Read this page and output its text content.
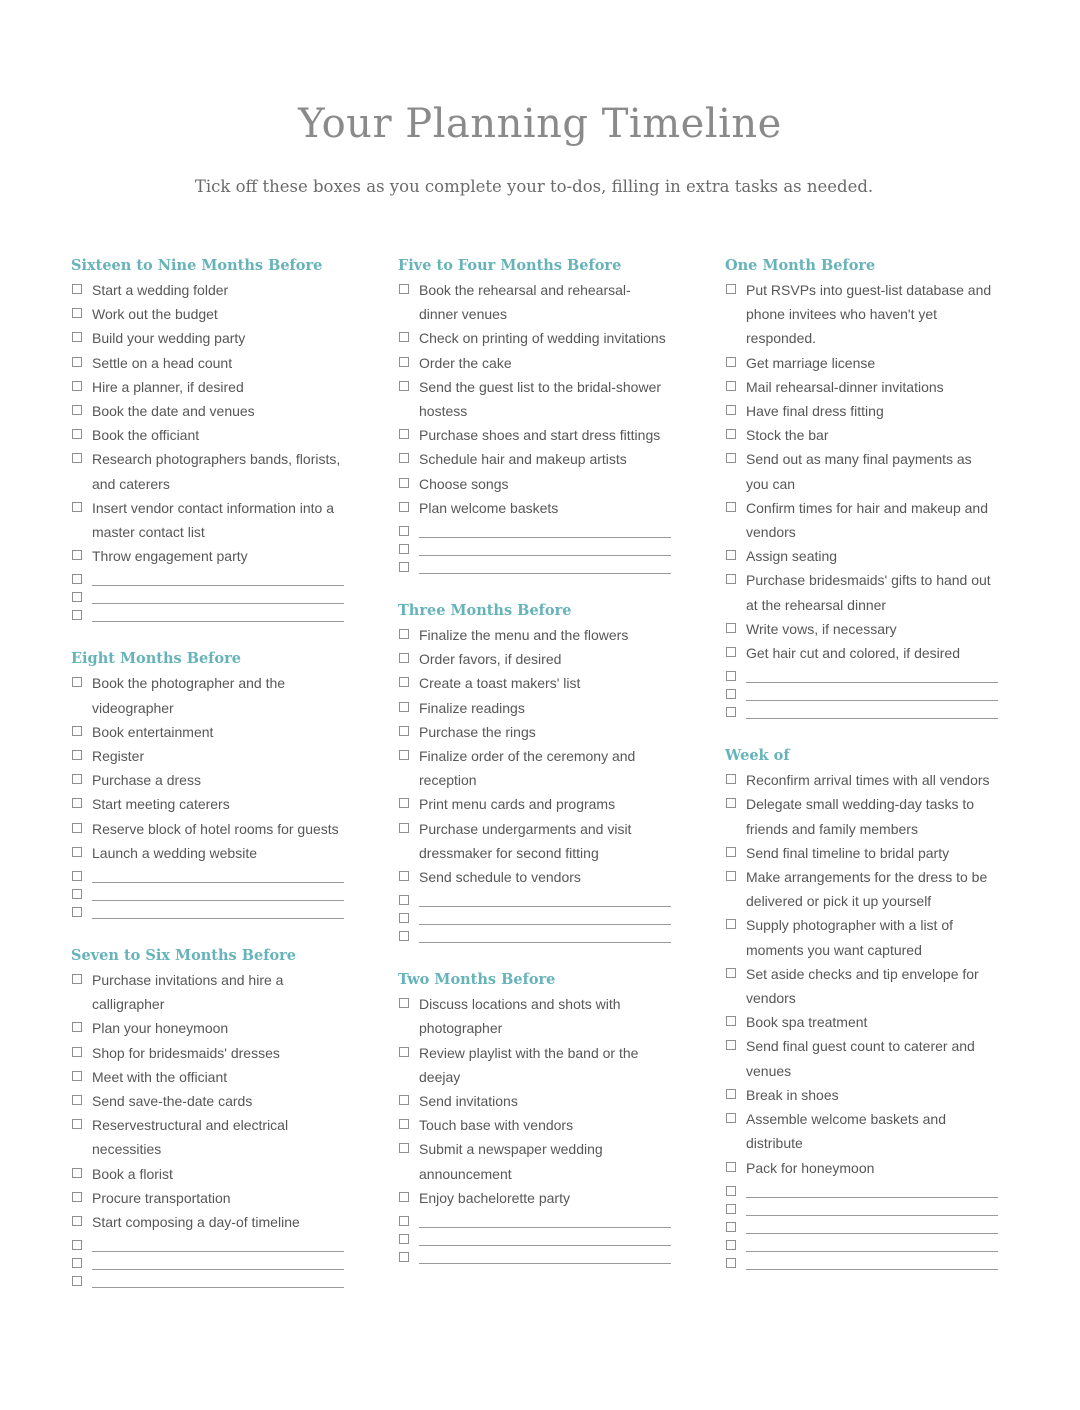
Your Planning Timeline
Tick off these boxes as you complete your to-dos, filling in extra tasks as needed.
Sixteen to Nine Months Before
Start a wedding folder
Work out the budget
Build your wedding party
Settle on a head count
Hire a planner, if desired
Book the date and venues
Book the officiant
Research photographers bands, florists, and caterers
Insert vendor contact information into a master contact list
Throw engagement party
Eight Months Before
Book the photographer and the videographer
Book entertainment
Register
Purchase a dress
Start meeting caterers
Reserve block of hotel rooms for guests
Launch a wedding website
Seven to Six Months Before
Purchase invitations and hire a calligrapher
Plan your honeymoon
Shop for bridesmaids' dresses
Meet with the officiant
Send save-the-date cards
Reservestructural and electrical necessities
Book a florist
Procure transportation
Start composing a day-of timeline
Five to Four Months Before
Book the rehearsal and rehearsal-dinner venues
Check on printing of wedding invitations
Order the cake
Send the guest list to the bridal-shower hostess
Purchase shoes and start dress fittings
Schedule hair and makeup artists
Choose songs
Plan welcome baskets
Three Months Before
Finalize the menu and the flowers
Order favors, if desired
Create a toast makers' list
Finalize readings
Purchase the rings
Finalize order of the ceremony and reception
Print menu cards and programs
Purchase undergarments and visit dressmaker for second fitting
Send schedule to vendors
Two Months Before
Discuss locations and shots with photographer
Review playlist with the band or the deejay
Send invitations
Touch base with vendors
Submit a newspaper wedding announcement
Enjoy bachelorette party
One Month Before
Put RSVPs into guest-list database and phone invitees who haven't yet responded.
Get marriage license
Mail rehearsal-dinner invitations
Have final dress fitting
Stock the bar
Send out as many final payments as you can
Confirm times for hair and makeup and vendors
Assign seating
Purchase bridesmaids' gifts to hand out at the rehearsal dinner
Write vows, if necessary
Get hair cut and colored, if desired
Week of
Reconfirm arrival times with all vendors
Delegate small wedding-day tasks to friends and family members
Send final timeline to bridal party
Make arrangements for the dress to be delivered or pick it up yourself
Supply photographer with a list of moments you want captured
Set aside checks and tip envelope for vendors
Book spa treatment
Send final guest count to caterer and venues
Break in shoes
Assemble welcome baskets and distribute
Pack for honeymoon
